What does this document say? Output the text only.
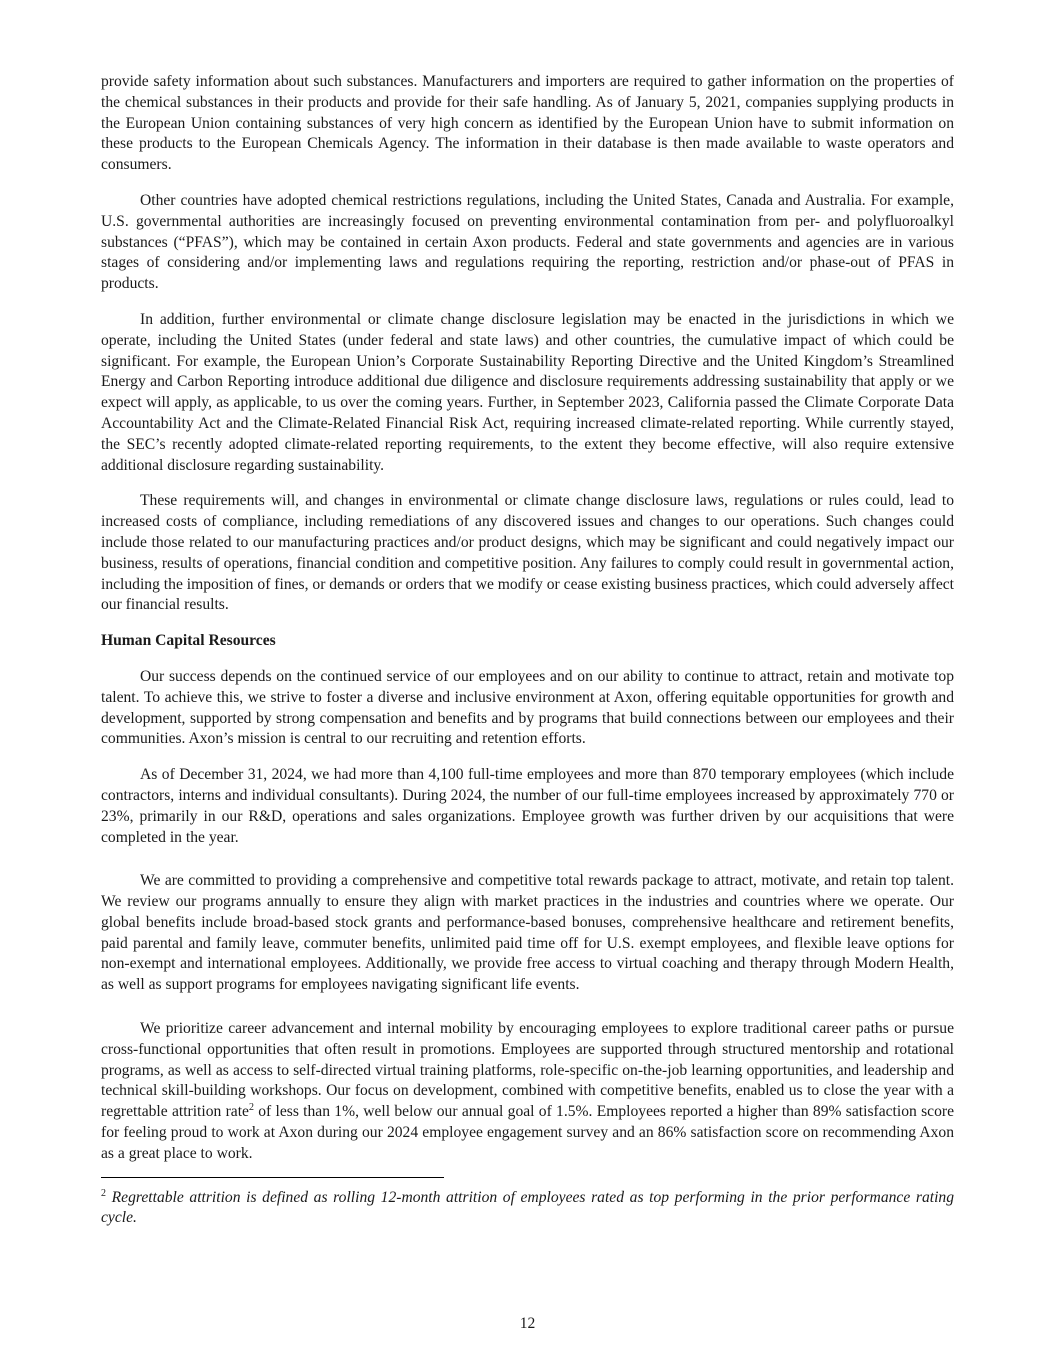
provide safety information about such substances. Manufacturers and importers are required to gather information on the properties of the chemical substances in their products and provide for their safe handling. As of January 5, 2021, companies supplying products in the European Union containing substances of very high concern as identified by the European Union have to submit information on these products to the European Chemicals Agency. The information in their database is then made available to waste operators and consumers.

Other countries have adopted chemical restrictions regulations, including the United States, Canada and Australia. For example, U.S. governmental authorities are increasingly focused on preventing environmental contamination from per- and polyfluoroalkyl substances (“PFAS”), which may be contained in certain Axon products. Federal and state governments and agencies are in various stages of considering and/or implementing laws and regulations requiring the reporting, restriction and/or phase-out of PFAS in products.

In addition, further environmental or climate change disclosure legislation may be enacted in the jurisdictions in which we operate, including the United States (under federal and state laws) and other countries, the cumulative impact of which could be significant. For example, the European Union’s Corporate Sustainability Reporting Directive and the United Kingdom’s Streamlined Energy and Carbon Reporting introduce additional due diligence and disclosure requirements addressing sustainability that apply or we expect will apply, as applicable, to us over the coming years. Further, in September 2023, California passed the Climate Corporate Data Accountability Act and the Climate-Related Financial Risk Act, requiring increased climate-related reporting. While currently stayed, the SEC’s recently adopted climate-related reporting requirements, to the extent they become effective, will also require extensive additional disclosure regarding sustainability.

These requirements will, and changes in environmental or climate change disclosure laws, regulations or rules could, lead to increased costs of compliance, including remediations of any discovered issues and changes to our operations. Such changes could include those related to our manufacturing practices and/or product designs, which may be significant and could negatively impact our business, results of operations, financial condition and competitive position. Any failures to comply could result in governmental action, including the imposition of fines, or demands or orders that we modify or cease existing business practices, which could adversely affect our financial results.

Human Capital Resources

Our success depends on the continued service of our employees and on our ability to continue to attract, retain and motivate top talent. To achieve this, we strive to foster a diverse and inclusive environment at Axon, offering equitable opportunities for growth and development, supported by strong compensation and benefits and by programs that build connections between our employees and their communities. Axon’s mission is central to our recruiting and retention efforts.

As of December 31, 2024, we had more than 4,100 full-time employees and more than 870 temporary employees (which include contractors, interns and individual consultants). During 2024, the number of our full-time employees increased by approximately 770 or 23%, primarily in our R&D, operations and sales organizations. Employee growth was further driven by our acquisitions that were completed in the year.

We are committed to providing a comprehensive and competitive total rewards package to attract, motivate, and retain top talent. We review our programs annually to ensure they align with market practices in the industries and countries where we operate. Our global benefits include broad-based stock grants and performance-based bonuses, comprehensive healthcare and retirement benefits, paid parental and family leave, commuter benefits, unlimited paid time off for U.S. exempt employees, and flexible leave options for non-exempt and international employees. Additionally, we provide free access to virtual coaching and therapy through Modern Health, as well as support programs for employees navigating significant life events.

We prioritize career advancement and internal mobility by encouraging employees to explore traditional career paths or pursue cross-functional opportunities that often result in promotions. Employees are supported through structured mentorship and rotational programs, as well as access to self-directed virtual training platforms, role-specific on-the-job learning opportunities, and leadership and technical skill-building workshops. Our focus on development, combined with competitive benefits, enabled us to close the year with a regrettable attrition rate$^2$ of less than 1%, well below our annual goal of 1.5%. Employees reported a higher than 89% satisfaction score for feeling proud to work at Axon during our 2024 employee engagement survey and an 86% satisfaction score on recommending Axon as a great place to work.

$^2$ Regrettable attrition is defined as rolling 12-month attrition of employees rated as top performing in the prior performance rating cycle.

12
